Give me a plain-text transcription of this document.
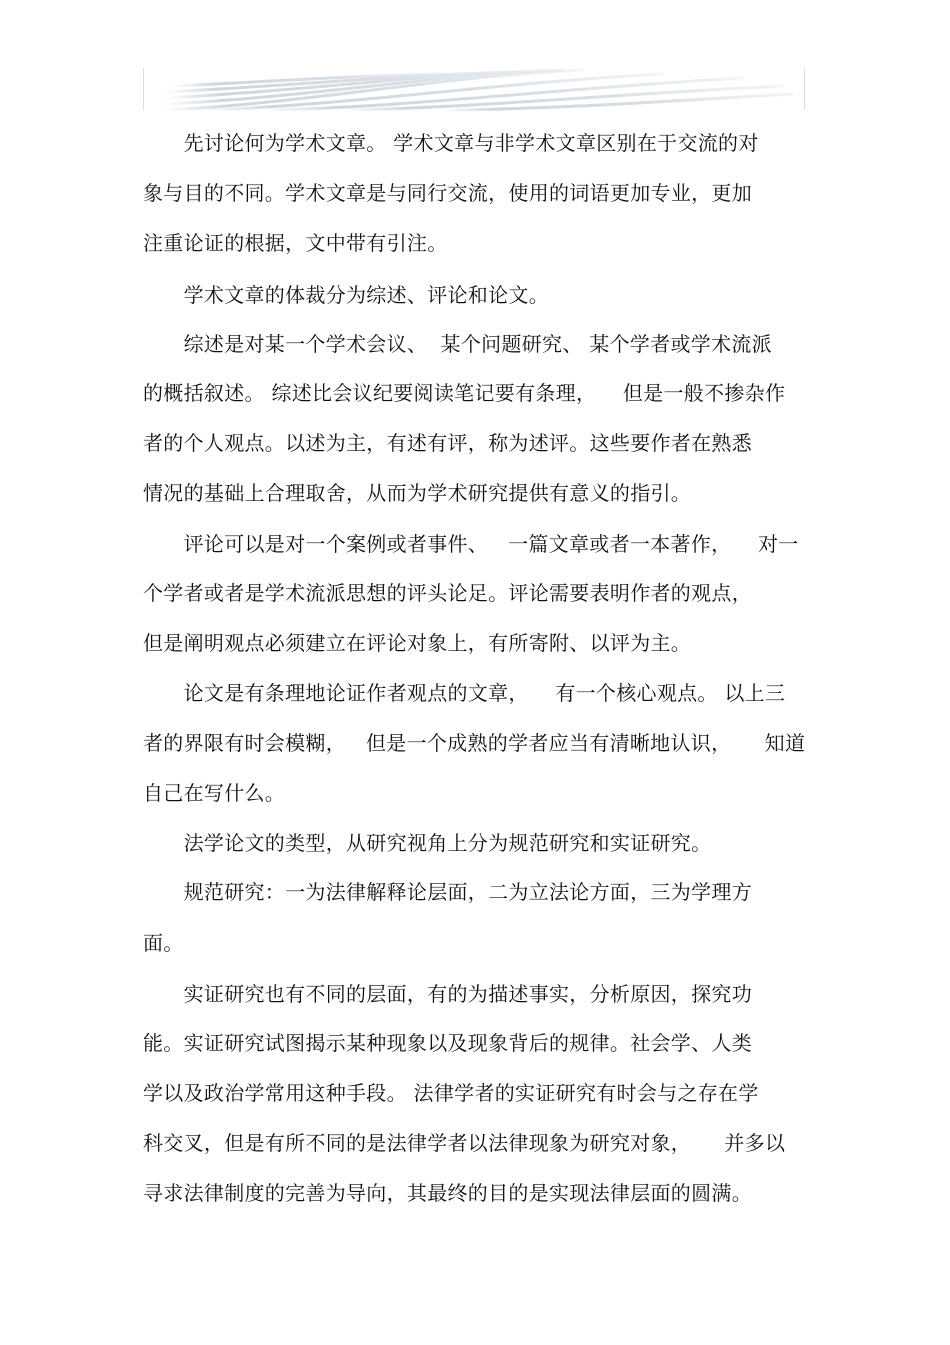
　　先讨论何为学术文章。 学术文章与非学术文章区别在于交流的对
象与目的不同。学术文章是与同行交流，使用的词语更加专业，更加
注重论证的根据，文中带有引注。
　　学术文章的体裁分为综述、评论和论文。
　　综述是对某一个学术会议、  某个问题研究、 某个学者或学术流派
的概括叙述。 综述比会议纪要阅读笔记要有条理，    但是一般不掺杂作
者的个人观点。以述为主，有述有评，称为述评。这些要作者在熟悉
情况的基础上合理取舍，从而为学术研究提供有意义的指引。
　　评论可以是对一个案例或者事件、   一篇文章或者一本著作，    对一
个学者或者是学术流派思想的评头论足。评论需要表明作者的观点，
但是阐明观点必须建立在评论对象上，有所寄附、以评为主。
　　论文是有条理地论证作者观点的文章，    有一个核心观点。 以上三
者的界限有时会模糊，   但是一个成熟的学者应当有清晰地认识，     知道
自己在写什么。
　　法学论文的类型，从研究视角上分为规范研究和实证研究。
　　规范研究：一为法律解释论层面，二为立法论方面，三为学理方
面。
　　实证研究也有不同的层面，有的为描述事实，分析原因，探究功
能。实证研究试图揭示某种现象以及现象背后的规律。社会学、人类
学以及政治学常用这种手段。 法律学者的实证研究有时会与之存在学
科交叉，但是有所不同的是法律学者以法律现象为研究对象，     并多以
寻求法律制度的完善为导向，其最终的目的是实现法律层面的圆满。
